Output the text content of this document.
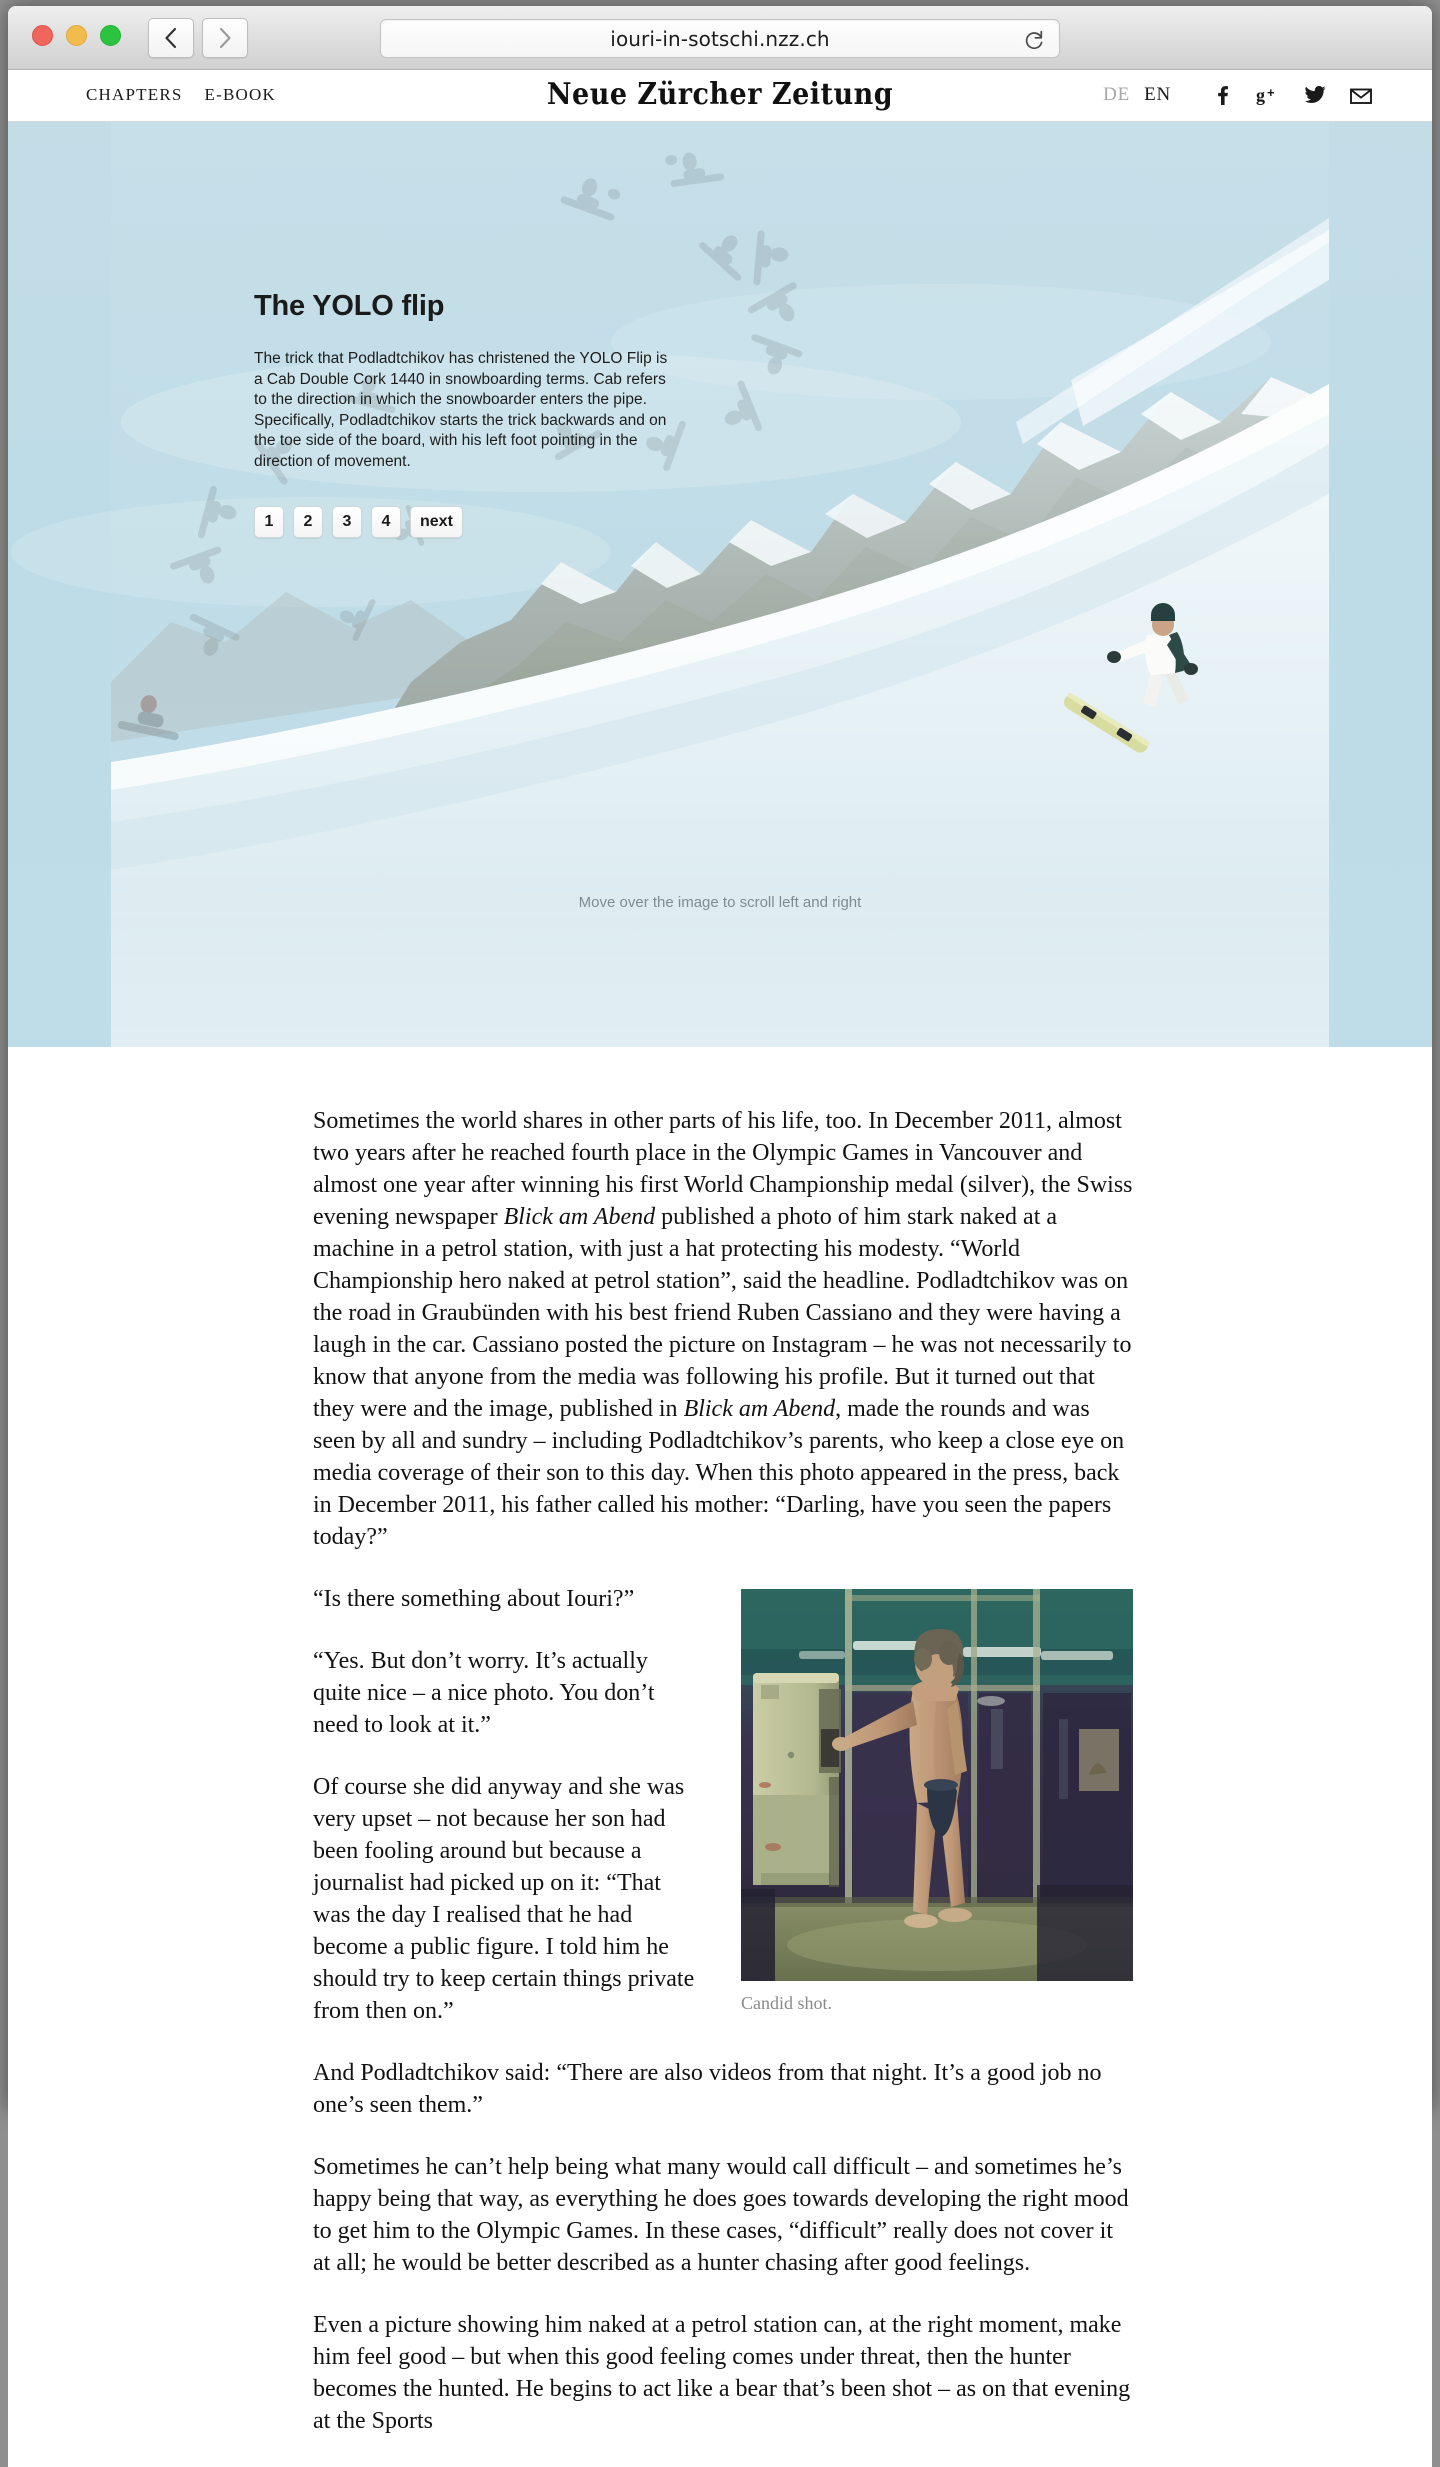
iouri-in-sotschi.nzz.ch
CHAPTERS E-BOOK	Neue Zürcher Zeitung	DE EN	g +
The YOLO flip
The trick that Podladtchikov has christened the YOLO Flip is a Cab Double Cork 1440 in snowboarding terms. Cab refers to the direction in which the snowboarder enters the pipe. Specifically, Podladtchikov starts the trick backwards and on the toe side of the board, with his left foot pointing in the direction of movement.
1	2	3	4	next
Move over the image to scroll left and right

Sometimes the world shares in other parts of his life, too. In December 2011, almost two years after he reached fourth place in the Olympic Games in Vancouver and almost one year after winning his first World Championship medal (silver), the Swiss evening newspaper Blick am Abend published a photo of him stark naked at a machine in a petrol station, with just a hat protecting his modesty. “World Championship hero naked at petrol station”, said the headline. Podladtchikov was on the road in Graubünden with his best friend Ruben Cassiano and they were having a laugh in the car. Cassiano posted the picture on Instagram – he was not necessarily to know that anyone from the media was following his profile. But it turned out that they were and the image, published in Blick am Abend, made the rounds and was seen by all and sundry – including Podladtchikov’s parents, who keep a close eye on media coverage of their son to this day. When this photo appeared in the press, back in December 2011, his father called his mother: “Darling, have you seen the papers today?”

Candid shot.

“Is there something about Iouri?”

“Yes. But don’t worry. It’s actually quite nice – a nice photo. You don’t need to look at it.”

Of course she did anyway and she was very upset – not because her son had been fooling around but because a journalist had picked up on it: “That was the day I realised that he had become a public figure. I told him he should try to keep certain things private from then on.”

And Podladtchikov said: “There are also videos from that night. It’s a good job no one’s seen them.”

Sometimes he can’t help being what many would call difficult – and sometimes he’s happy being that way, as everything he does goes towards developing the right mood to get him to the Olympic Games. In these cases, “difficult” really does not cover it at all; he would be better described as a hunter chasing after good feelings.

Even a picture showing him naked at a petrol station can, at the right moment, make him feel good – but when this good feeling comes under threat, then the hunter becomes the hunted. He begins to act like a bear that’s been shot – as on that evening at the Sports
